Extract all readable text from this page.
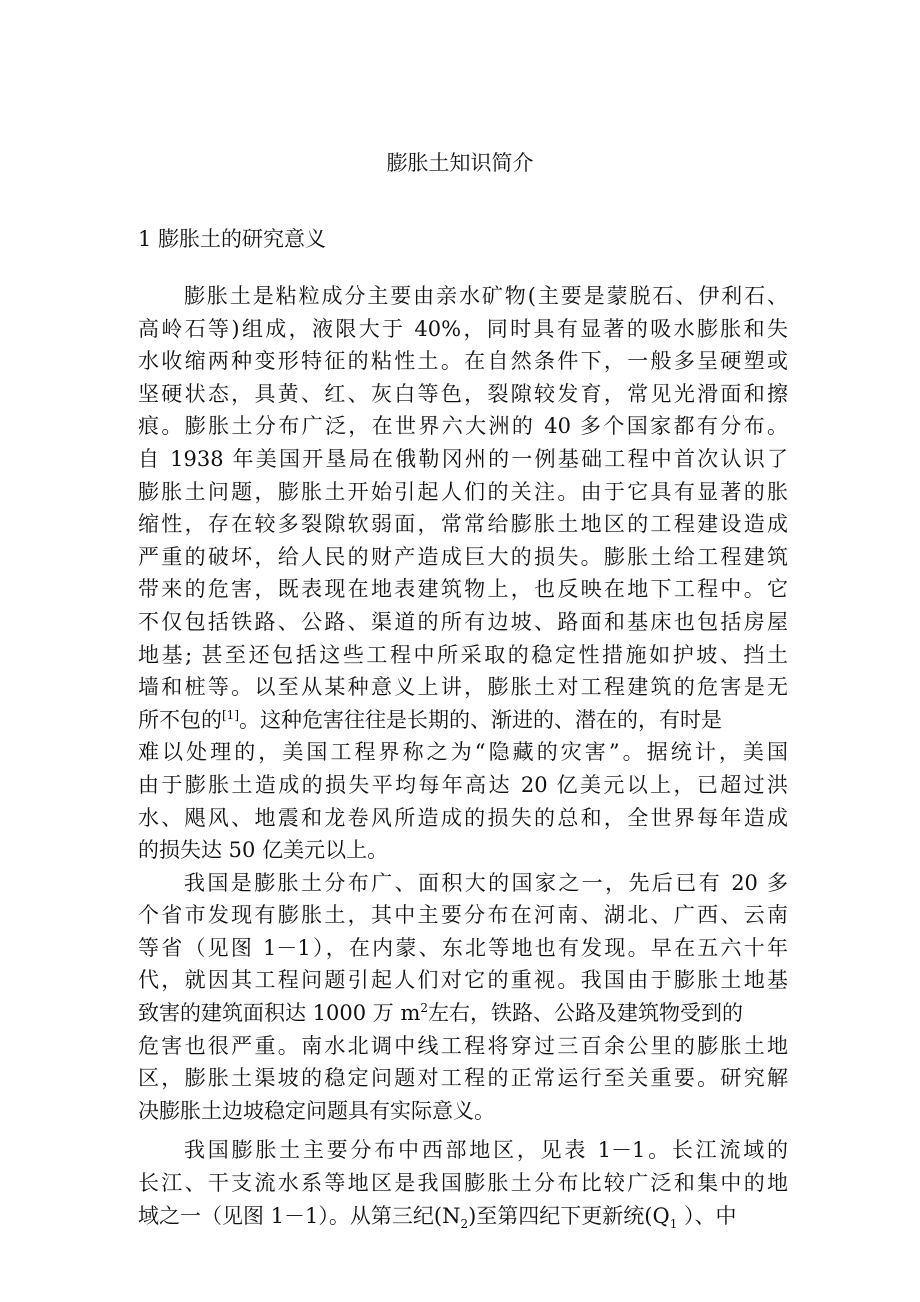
膨胀土知识简介
1 膨胀土的研究意义

膨胀土是粘粒成分主要由亲水矿物(主要是蒙脱石、伊利石、
高岭石等)组成，液限大于 40%，同时具有显著的吸水膨胀和失
水收缩两种变形特征的粘性土。在自然条件下，一般多呈硬塑或
坚硬状态，具黄、红、灰白等色，裂隙较发育，常见光滑面和擦
痕。膨胀土分布广泛，在世界六大洲的 40 多个国家都有分布。
自 1938 年美国开垦局在俄勒冈州的一例基础工程中首次认识了
膨胀土问题，膨胀土开始引起人们的关注。由于它具有显著的胀
缩性，存在较多裂隙软弱面，常常给膨胀土地区的工程建设造成
严重的破坏，给人民的财产造成巨大的损失。膨胀土给工程建筑
带来的危害，既表现在地表建筑物上，也反映在地下工程中。它
不仅包括铁路、公路、渠道的所有边坡、路面和基床也包括房屋
地基; 甚至还包括这些工程中所采取的稳定性措施如护坡、挡土
墙和桩等。以至从某种意义上讲，膨胀土对工程建筑的危害是无
所不包的[1]。这种危害往往是长期的、渐进的、潜在的，有时是
难以处理的，美国工程界称之为“隐藏的灾害”。据统计，美国
由于膨胀土造成的损失平均每年高达 20 亿美元以上，已超过洪
水、飓风、地震和龙卷风所造成的损失的总和，全世界每年造成
的损失达 50 亿美元以上。

我国是膨胀土分布广、面积大的国家之一，先后已有 20 多
个省市发现有膨胀土，其中主要分布在河南、湖北、广西、云南
等省（见图 1－1），在内蒙、东北等地也有发现。早在五六十年
代，就因其工程问题引起人们对它的重视。我国由于膨胀土地基
致害的建筑面积达 1000 万 $m^2$左右，铁路、公路及建筑物受到的
危害也很严重。南水北调中线工程将穿过三百余公里的膨胀土地
区，膨胀土渠坡的稳定问题对工程的正常运行至关重要。研究解
决膨胀土边坡稳定问题具有实际意义。

我国膨胀土主要分布中西部地区，见表 1－1。长江流域的
长江、干支流水系等地区是我国膨胀土分布比较广泛和集中的地
域之一（见图 1－1）。从第三纪$(N_2)$至第四纪下更新统($Q_1$ ）、中
